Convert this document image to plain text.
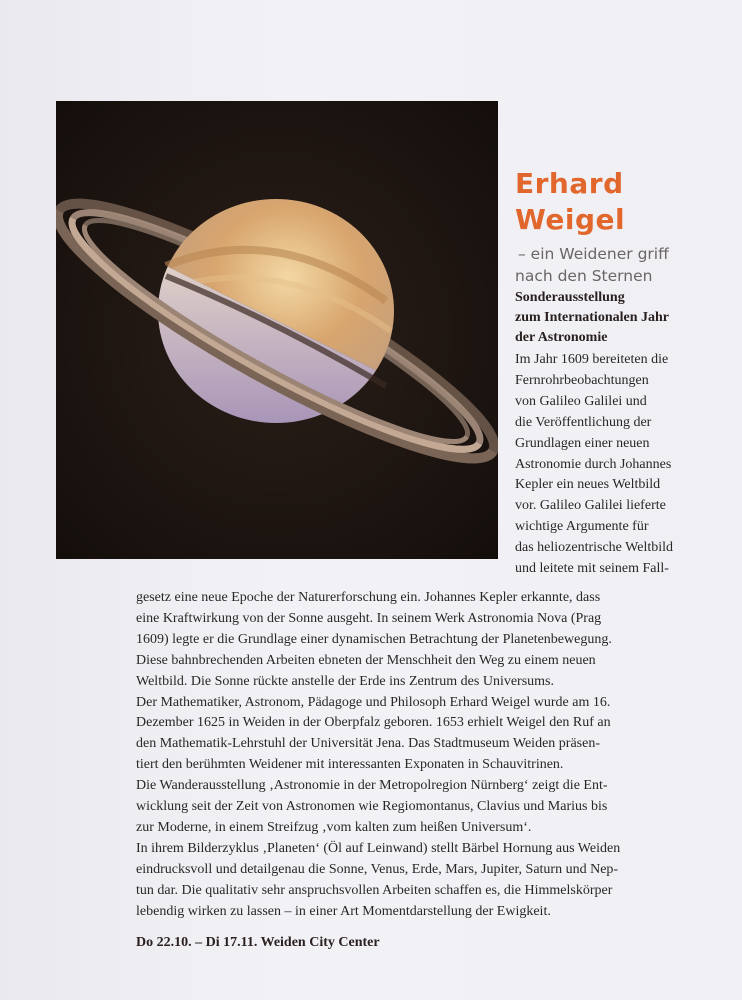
Erhard
Weigel
– ein Weidener griff
nach den Sternen
Sonderausstellung
zum Internationalen Jahr
der Astronomie
Im Jahr 1609 bereiteten die
Fernrohrbeobachtungen
von Galileo Galilei und
die Veröffentlichung der
Grundlagen einer neuen
Astronomie durch Johannes
Kepler ein neues Weltbild
vor. Galileo Galilei lieferte
wichtige Argumente für
das heliozentrische Weltbild
und leitete mit seinem Fall-
gesetz eine neue Epoche der Naturerforschung ein. Johannes Kepler erkannte, dass
eine Kraftwirkung von der Sonne ausgeht. In seinem Werk Astronomia Nova (Prag
1609) legte er die Grundlage einer dynamischen Betrachtung der Planetenbewegung.
Diese bahnbrechenden Arbeiten ebneten der Menschheit den Weg zu einem neuen
Weltbild. Die Sonne rückte anstelle der Erde ins Zentrum des Universums.
Der Mathematiker, Astronom, Pädagoge und Philosoph Erhard Weigel wurde am 16.
Dezember 1625 in Weiden in der Oberpfalz geboren. 1653 erhielt Weigel den Ruf an
den Mathematik-Lehrstuhl der Universität Jena. Das Stadtmuseum Weiden präsen-
tiert den berühmten Weidener mit interessanten Exponaten in Schauvitrinen.
Die Wanderausstellung ‚Astronomie in der Metropolregion Nürnberg‘ zeigt die Ent-
wicklung seit der Zeit von Astronomen wie Regiomontanus, Clavius und Marius bis
zur Moderne, in einem Streifzug ‚vom kalten zum heißen Universum‘.
In ihrem Bilderzyklus ‚Planeten‘ (Öl auf Leinwand) stellt Bärbel Hornung aus Weiden
eindrucksvoll und detailgenau die Sonne, Venus, Erde, Mars, Jupiter, Saturn und Nep-
tun dar. Die qualitativ sehr anspruchsvollen Arbeiten schaffen es, die Himmelskörper
lebendig wirken zu lassen – in einer Art Momentdarstellung der Ewigkeit.
Do 22.10. – Di 17.11. Weiden City Center
